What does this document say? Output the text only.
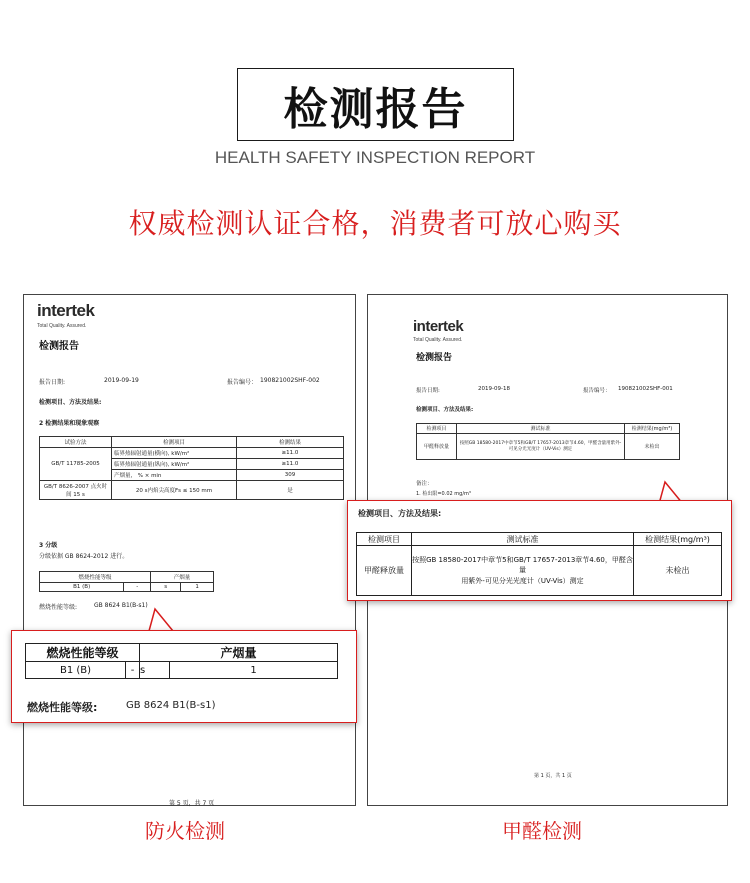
检测报告
HEALTH SAFETY INSPECTION REPORT
权威检测认证合格，消费者可放心购买
intertek
Total Quality. Assured.
检测报告
报告日期:	2019-09-19	报告编号： 190821002SHF-002
检测项目、方法及结果:
2 检测结果和现象观察
试验方法	检测项目	检测结果
GB/T 11785-2005	临界热辐射通量(横向), kW/m²	≥11.0
	临界热辐射通量(纵向), kW/m²	≥11.0
	产烟量， % × min	309
GB/T 8626-2007 点火时间 15 s	20 s内焰尖高度Fs ≤ 150 mm	是
3 分级
分级依据 GB 8624-2012 进行。
燃烧性能等级		产烟量	
B1 (B)	-	s	1
燃烧性能等级:	GB 8624 B1(B-s1)
第 5 页，共 7 页
intertek
Total Quality. Assured.
检测报告
报告日期:	2019-09-18	报告编号： 190821002SHF-001
检测项目、方法及结果:
检测项目	测试标准	检测结果(mg/m³)
甲醛释放量	按照GB 18580-2017中章节5和GB/T 17657-2013章节4.60，甲醛含量用紫外-可见分光光度计（UV-Vis）测定	未检出
备注：
1. 检出限=0.02 mg/m³
第 1 页，共 1 页
燃烧性能等级		产烟量	
B1 (B)	-	s	1
燃烧性能等级:	GB 8624 B1(B-s1)
检测项目、方法及结果:
检测项目	测试标准	检测结果(mg/m³)
甲醛释放量	按照GB 18580-2017中章节5和GB/T 17657-2013章节4.60，甲醛含量
用紫外-可见分光光度计（UV-Vis）测定	未检出
防火检测	甲醛检测
